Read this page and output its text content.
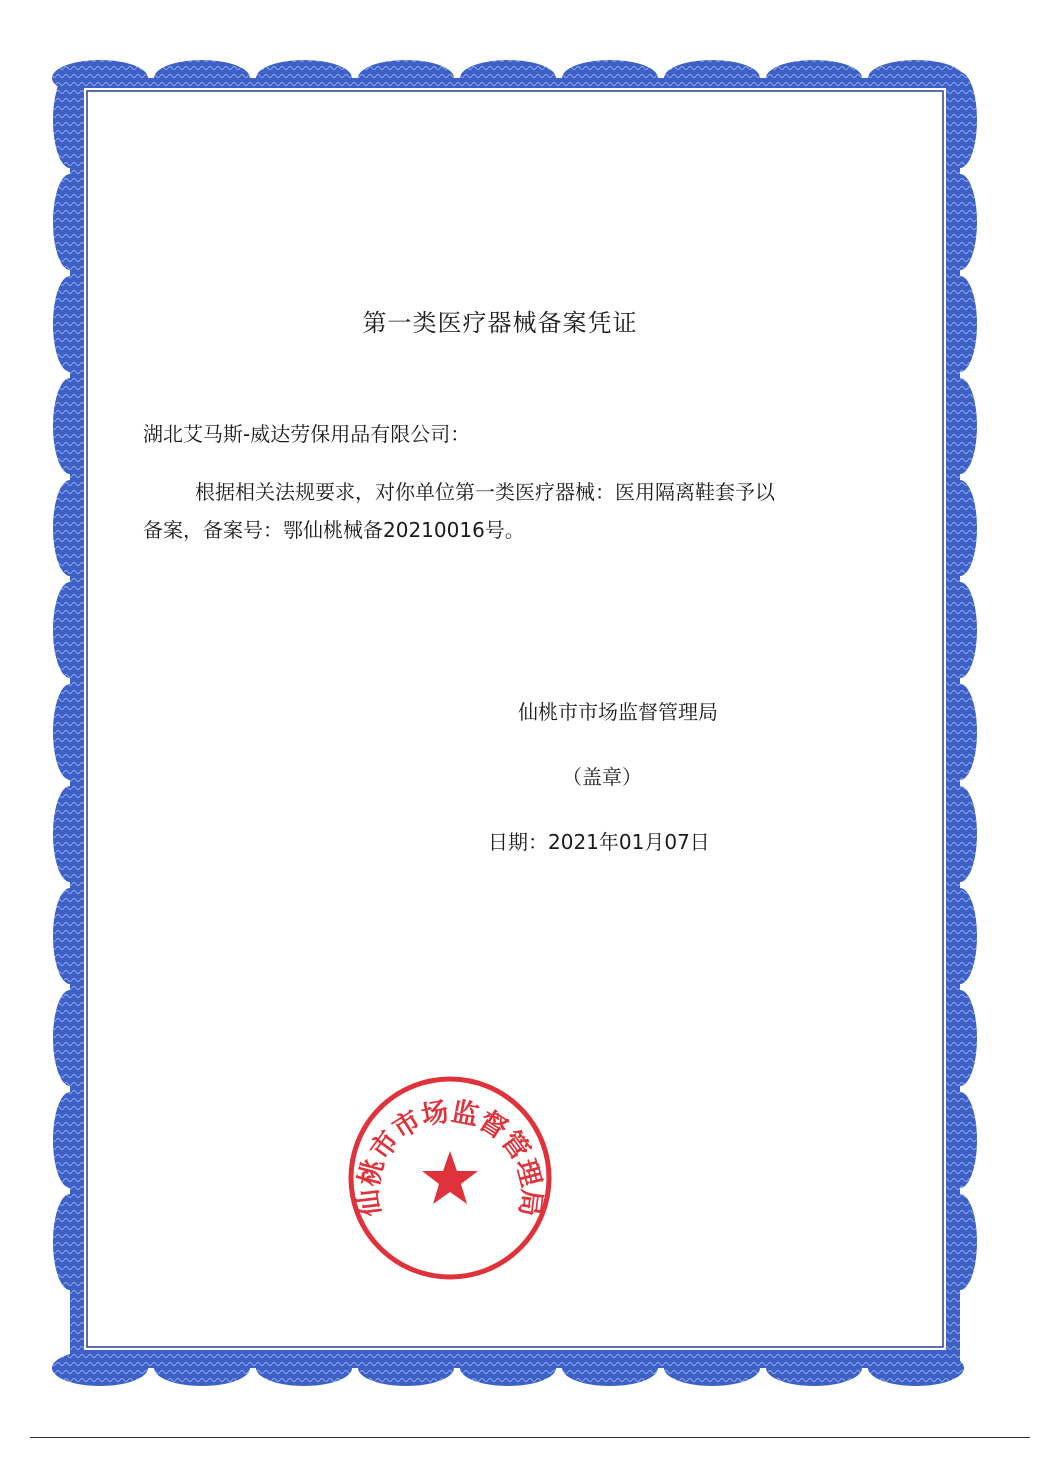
第一类医疗器械备案凭证
湖北艾马斯-威达劳保用品有限公司：
根据相关法规要求，对你单位第一类医疗器械：医用隔离鞋套予以
备案，备案号：鄂仙桃械备20210016号。
仙桃市市场监督管理局
（盖章）
日期：2021年01月07日
仙桃市市场监督管理局
